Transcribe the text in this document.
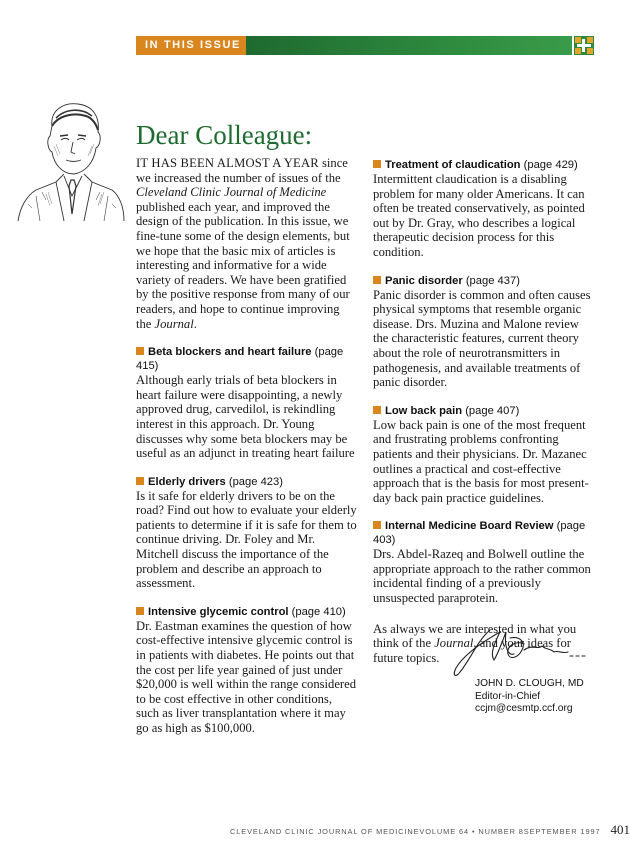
IN THIS ISSUE
Dear Colleague:

IT HAS BEEN ALMOST A YEAR since we increased the number of issues of the Cleveland Clinic Journal of Medicine published each year, and improved the design of the publication. In this issue, we fine-tune some of the design elements, but we hope that the basic mix of articles is interesting and informative for a wide variety of readers. We have been gratified by the positive response from many of our readers, and hope to continue improving the Journal.

Beta blockers and heart failure (page 415)

Although early trials of beta blockers in heart failure were disappointing, a newly approved drug, carvedilol, is rekindling interest in this approach. Dr. Young discusses why some beta blockers may be useful as an adjunct in treating heart failure

Elderly drivers (page 423)

Is it safe for elderly drivers to be on the road? Find out how to evaluate your elderly patients to determine if it is safe for them to continue driving. Dr. Foley and Mr. Mitchell discuss the importance of the problem and describe an approach to assessment.

Intensive glycemic control (page 410)

Dr. Eastman examines the question of how cost-effective intensive glycemic control is in patients with diabetes. He points out that the cost per life year gained of just under $20,000 is well within the range considered to be cost effective in other conditions, such as liver transplantation where it may go as high as $100,000.

Treatment of claudication (page 429)

Intermittent claudication is a disabling problem for many older Americans. It can often be treated conservatively, as pointed out by Dr. Gray, who describes a logical therapeutic decision process for this condition.

Panic disorder (page 437)

Panic disorder is common and often causes physical symptoms that resemble organic disease. Drs. Muzina and Malone review the characteristic features, current theory about the role of neurotransmitters in pathogenesis, and available treatments of panic disorder.

Low back pain (page 407)

Low back pain is one of the most frequent and frustrating problems confronting patients and their physicians. Dr. Mazanec outlines a practical and cost-effective approach that is the basis for most present-day back pain practice guidelines.

Internal Medicine Board Review (page 403)

Drs. Abdel-Razeq and Bolwell outline the appropriate approach to the rather common incidental finding of a previously unsuspected paraprotein.

As always we are interested in what you think of the Journal, and your ideas for future topics.

JOHN D. CLOUGH, MD
Editor-in-Chief
ccjm@cesmtp.ccf.org
CLEVELAND CLINIC JOURNAL OF MEDICINE VOLUME 64 • NUMBER 8 SEPTEMBER 1997 401
